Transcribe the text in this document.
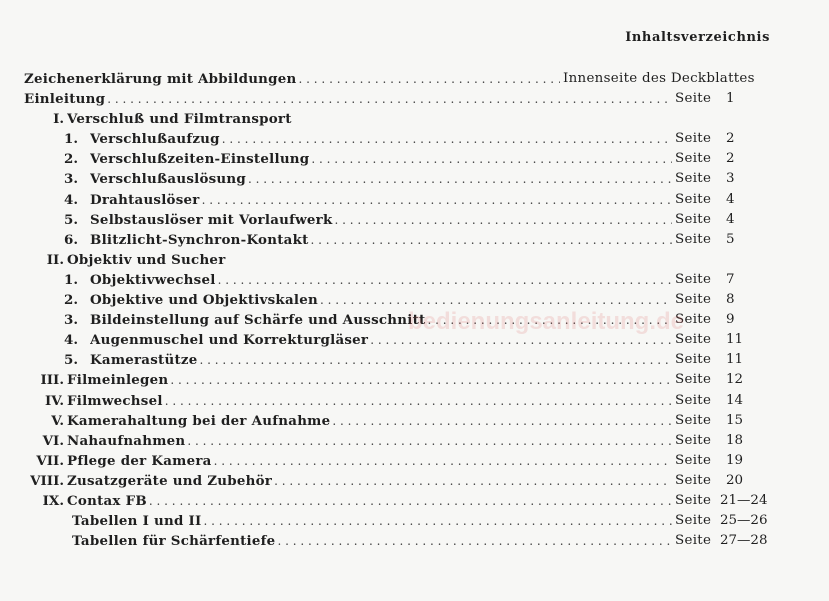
Inhaltsverzeichnis
Zeichenerklärung mit Abbildungen . . .	Innenseite des Deckblattes
Einleitung . . .	Seite	1
I. Verschluß und Filmtransport
1. Verschlußaufzug . . .	Seite	2
2. Verschlußzeiten-Einstellung . . .	Seite	2
3. Verschlußauslösung . . .	Seite	3
4. Drahtauslöser . . .	Seite	4
5. Selbstauslöser mit Vorlaufwerk . . .	Seite	4
6. Blitzlicht-Synchron-Kontakt . . .	Seite	5
II. Objektiv und Sucher
1. Objektivwechsel . . .	Seite	7
2. Objektive und Objektivskalen . . .	Seite	8
3. Bildeinstellung auf Schärfe und Ausschnitt . . .	Seite	9
4. Augenmuschel und Korrekturgläser . . .	Seite	11
5. Kamerastütze . . .	Seite	11
III. Filmeinlegen . . .	Seite	12
IV. Filmwechsel . . .	Seite	14
V. Kamerahaltung bei der Aufnahme . . .	Seite	15
VI. Nahaufnahmen . . .	Seite	18
VII. Pflege der Kamera . . .	Seite	19
VIII. Zusatzgeräte und Zubehör . . .	Seite	20
IX. Contax FB . . .	Seite 21—24
Tabellen I und II . . .	Seite 25—26
Tabellen für Schärfentiefe . . .	Seite 27—28
bedienungsanleitung.de
